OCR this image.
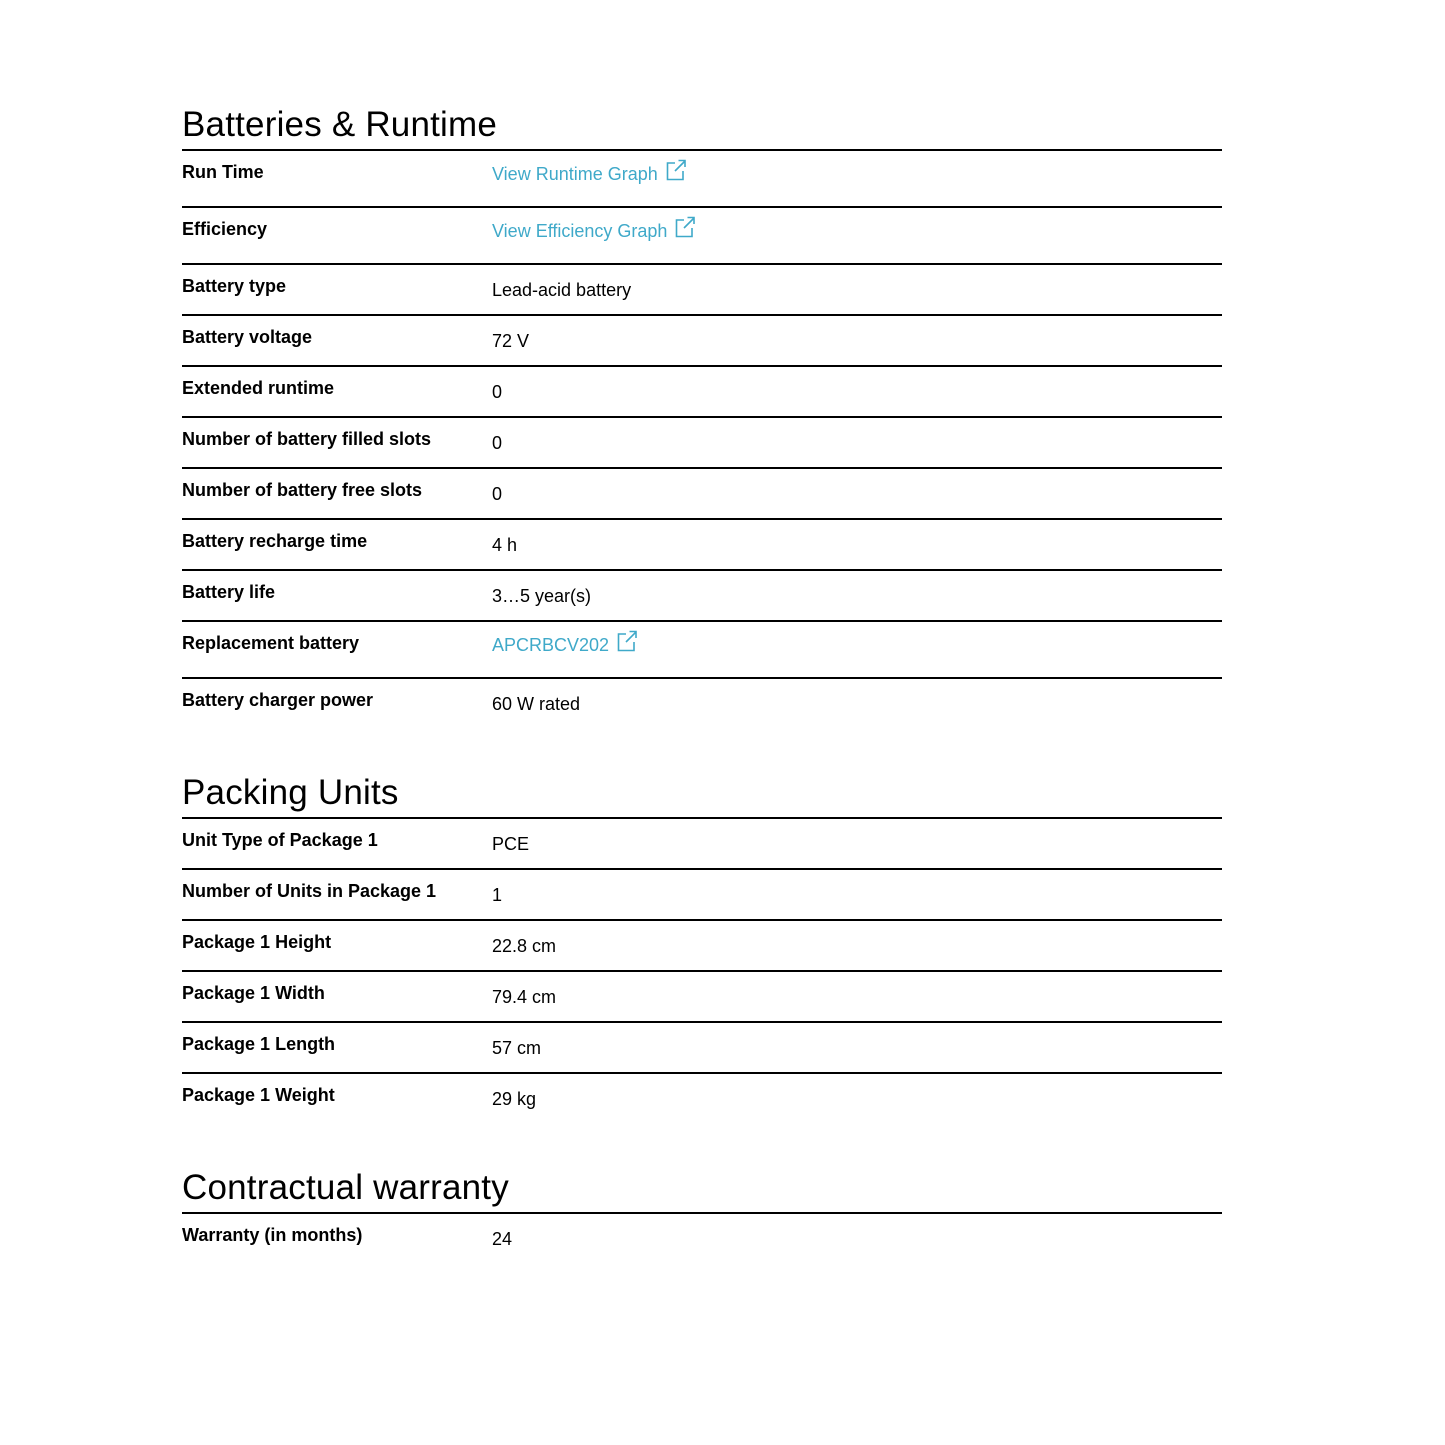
Batteries & Runtime
Run Time	View Runtime Graph
Efficiency	View Efficiency Graph
Battery type	Lead-acid battery
Battery voltage	72 V
Extended runtime	0
Number of battery filled slots	0
Number of battery free slots	0
Battery recharge time	4 h
Battery life	3…5 year(s)
Replacement battery	APCRBCV202
Battery charger power	60 W rated
Packing Units
Unit Type of Package 1	PCE
Number of Units in Package 1	1
Package 1 Height	22.8 cm
Package 1 Width	79.4 cm
Package 1 Length	57 cm
Package 1 Weight	29 kg
Contractual warranty
Warranty (in months)	24
